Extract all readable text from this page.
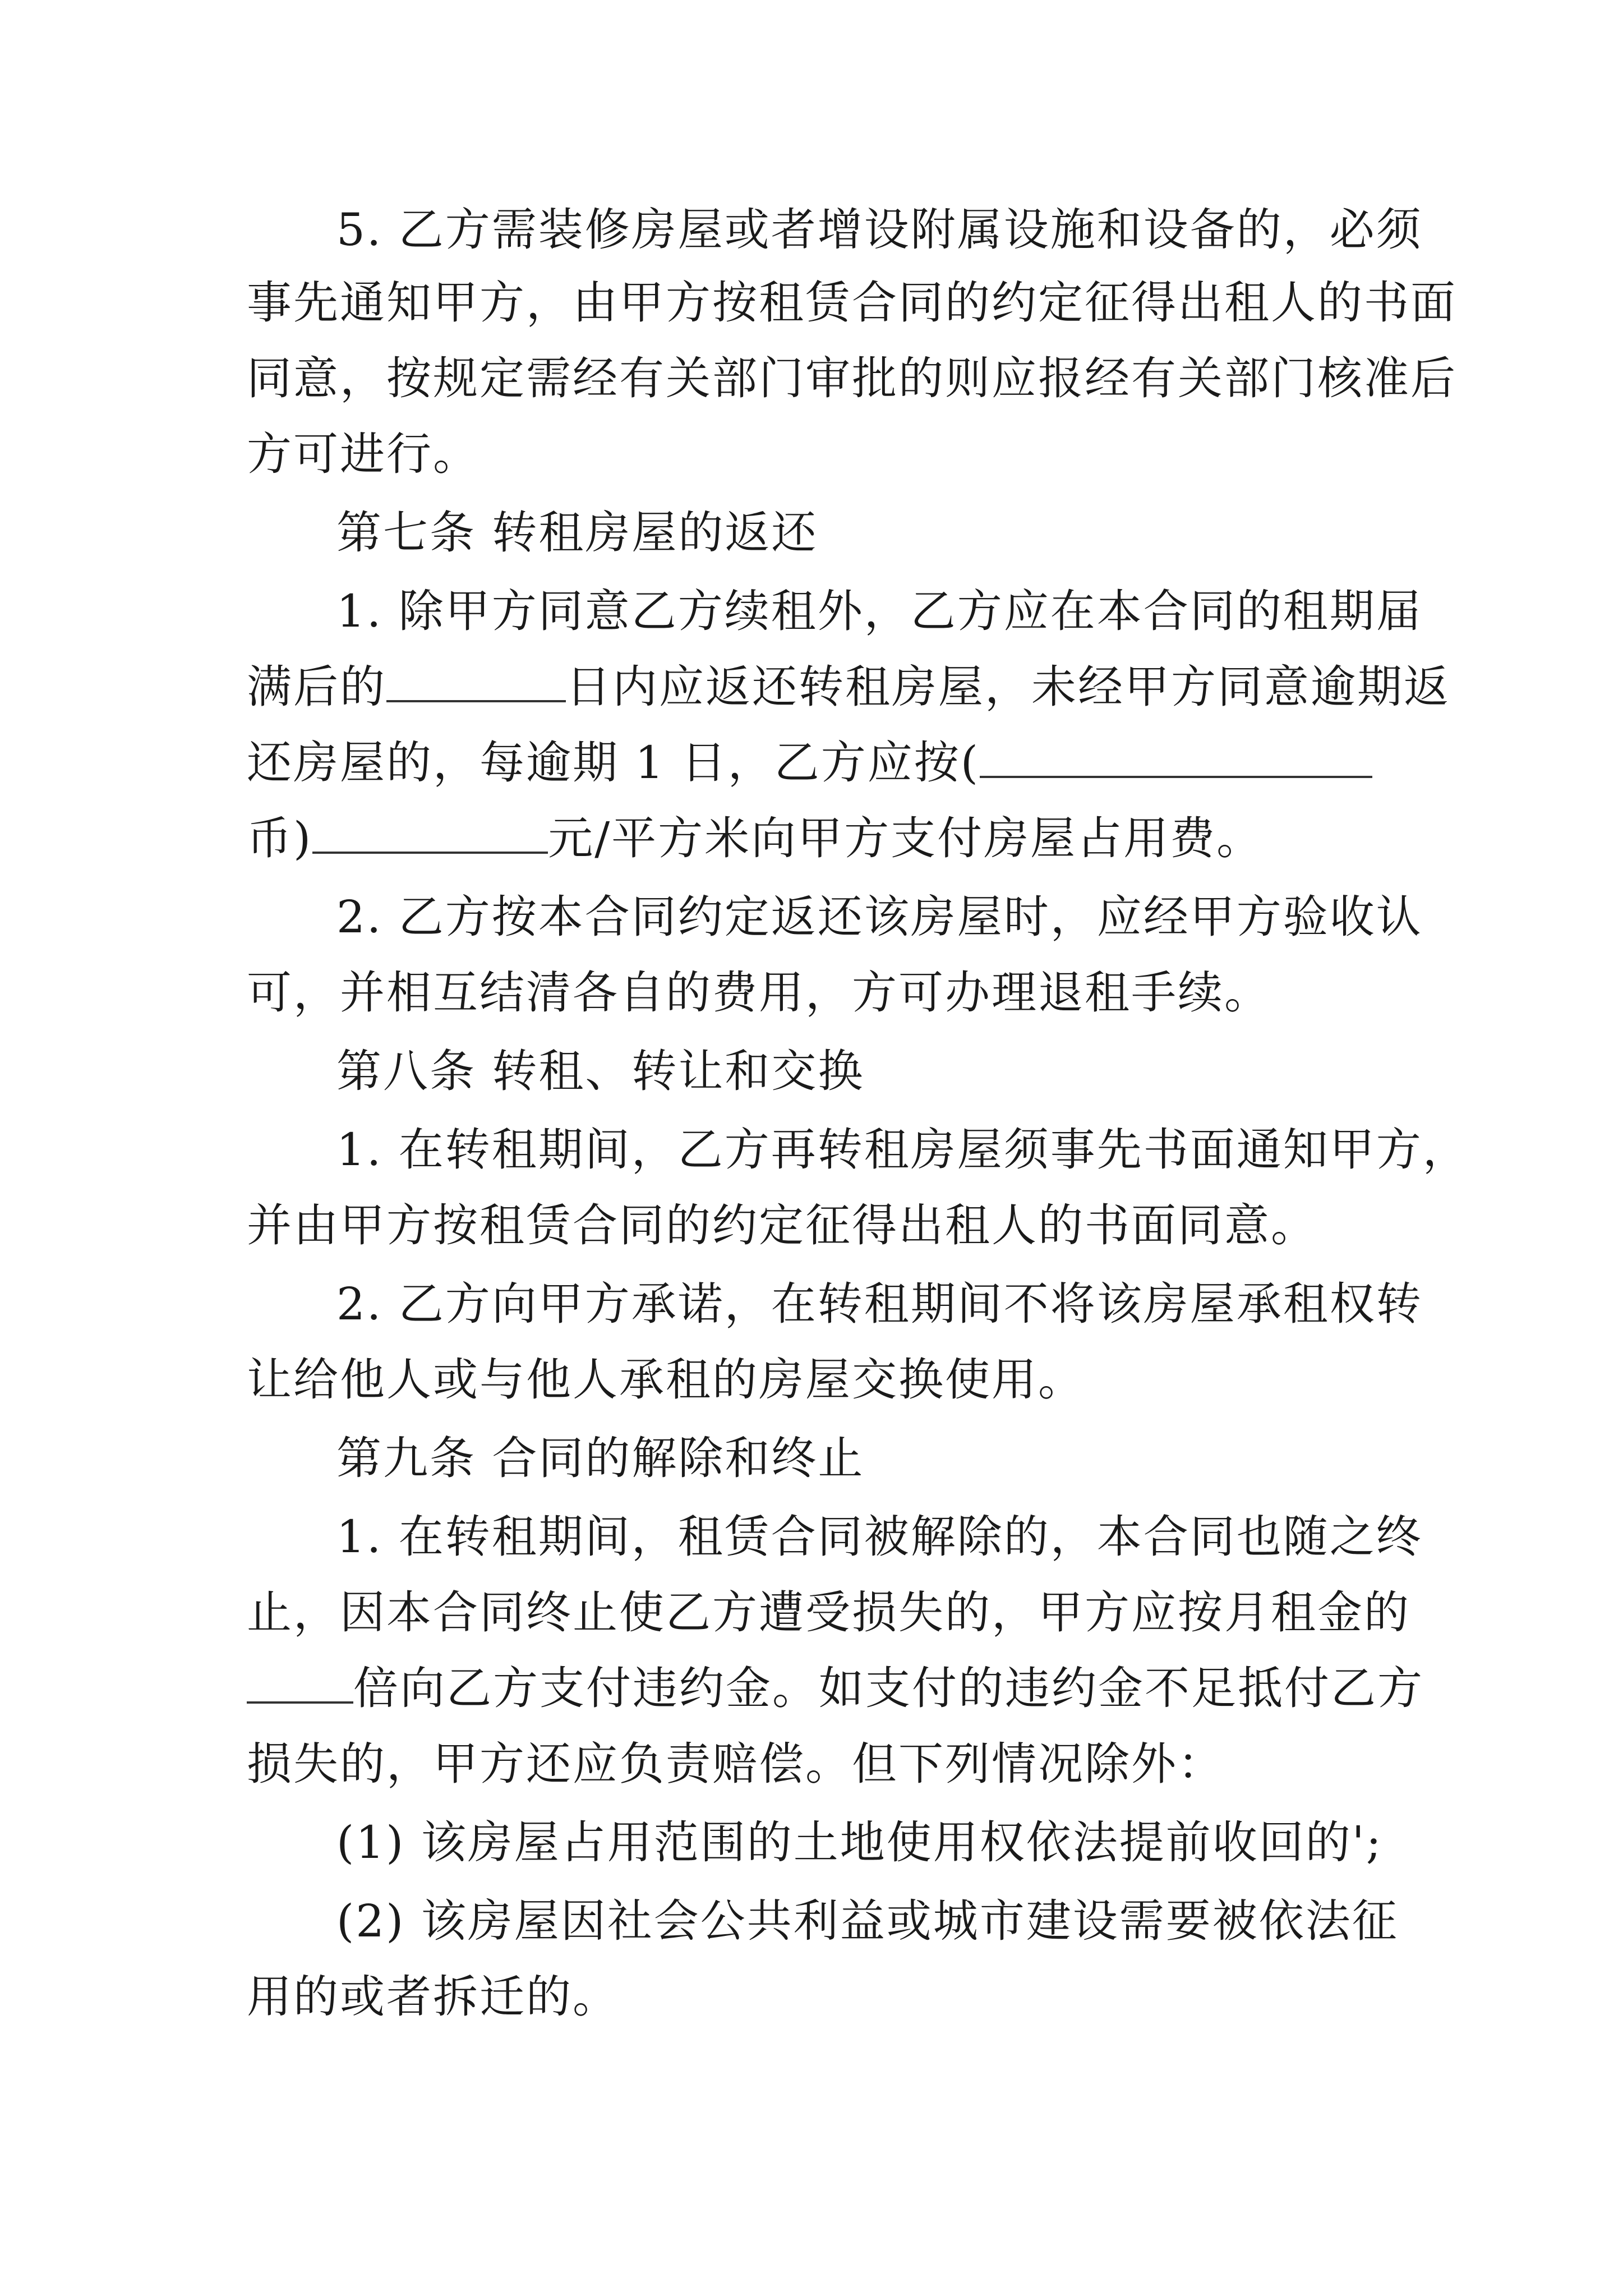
5. 乙方需装修房屋或者增设附属设施和设备的，必须
事先通知甲方，由甲方按租赁合同的约定征得出租人的书面
同意，按规定需经有关部门审批的则应报经有关部门核准后
方可进行。
第七条 转租房屋的返还
1. 除甲方同意乙方续租外，乙方应在本合同的租期届
满后的	日内应返还转租房屋，未经甲方同意逾期返
还房屋的，每逾期 1 日，乙方应按(
币)	元/平方米向甲方支付房屋占用费。
2. 乙方按本合同约定返还该房屋时，应经甲方验收认
可，并相互结清各自的费用，方可办理退租手续。
第八条 转租、转让和交换
1. 在转租期间，乙方再转租房屋须事先书面通知甲方，
并由甲方按租赁合同的约定征得出租人的书面同意。
2. 乙方向甲方承诺，在转租期间不将该房屋承租权转
让给他人或与他人承租的房屋交换使用。
第九条 合同的解除和终止
1. 在转租期间，租赁合同被解除的，本合同也随之终
止，因本合同终止使乙方遭受损失的，甲方应按月租金的
倍向乙方支付违约金。如支付的违约金不足抵付乙方
损失的，甲方还应负责赔偿。但下列情况除外：
(1) 该房屋占用范围的土地使用权依法提前收回的';
(2) 该房屋因社会公共利益或城市建设需要被依法征
用的或者拆迁的。
